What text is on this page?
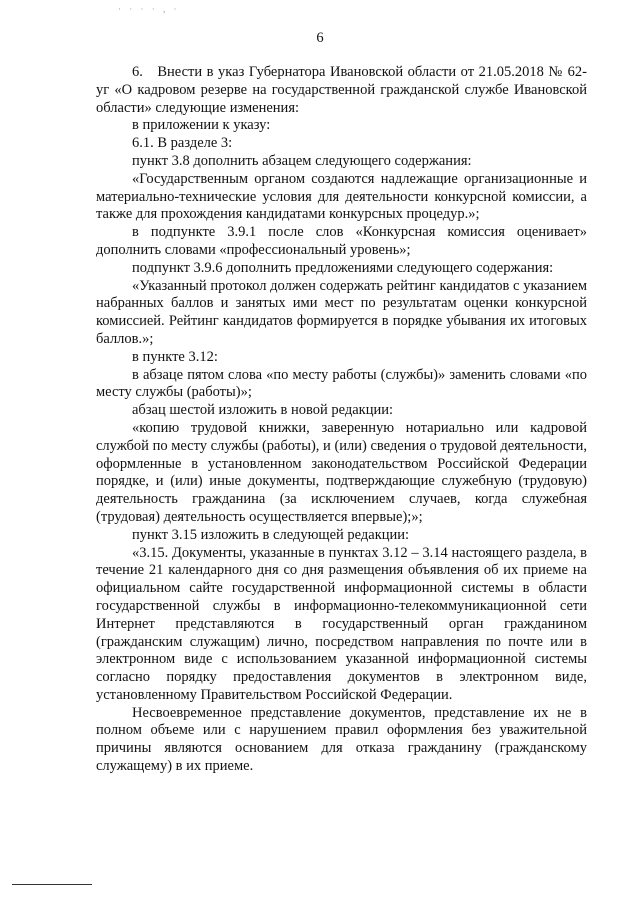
· · · · , ·
6

6. Внести в указ Губернатора Ивановской области от 21.05.2018 № 62-уг «О кадровом резерве на государственной гражданской службе Ивановской области» следующие изменения:

в приложении к указу:

6.1. В разделе 3:

пункт 3.8 дополнить абзацем следующего содержания:

«Государственным органом создаются надлежащие организационные и материально-технические условия для деятельности конкурсной комиссии, а также для прохождения кандидатами конкурсных процедур.»;

в подпункте 3.9.1 после слов «Конкурсная комиссия оценивает» дополнить словами «профессиональный уровень»;

подпункт 3.9.6 дополнить предложениями следующего содержания:

«Указанный протокол должен содержать рейтинг кандидатов с указанием набранных баллов и занятых ими мест по результатам оценки конкурсной комиссией. Рейтинг кандидатов формируется в порядке убывания их итоговых баллов.»;

в пункте 3.12:

в абзаце пятом слова «по месту работы (службы)» заменить словами «по месту службы (работы)»;

абзац шестой изложить в новой редакции:

«копию трудовой книжки, заверенную нотариально или кадровой службой по месту службы (работы), и (или) сведения о трудовой деятельности, оформленные в установленном законодательством Российской Федерации порядке, и (или) иные документы, подтверждающие служебную (трудовую) деятельность гражданина (за исключением случаев, когда служебная (трудовая) деятельность осуществляется впервые);»;

пункт 3.15 изложить в следующей редакции:

«3.15. Документы, указанные в пунктах 3.12 – 3.14 настоящего раздела, в течение 21 календарного дня со дня размещения объявления об их приеме на официальном сайте государственной информационной системы в области государственной службы в информационно-телекоммуникационной сети Интернет представляются в государственный орган гражданином (гражданским служащим) лично, посредством направления по почте или в электронном виде с использованием указанной информационной системы согласно порядку предоставления документов в электронном виде, установленному Правительством Российской Федерации.

Несвоевременное представление документов, представление их не в полном объеме или с нарушением правил оформления без уважительной причины являются основанием для отказа гражданину (гражданскому служащему) в их приеме.
